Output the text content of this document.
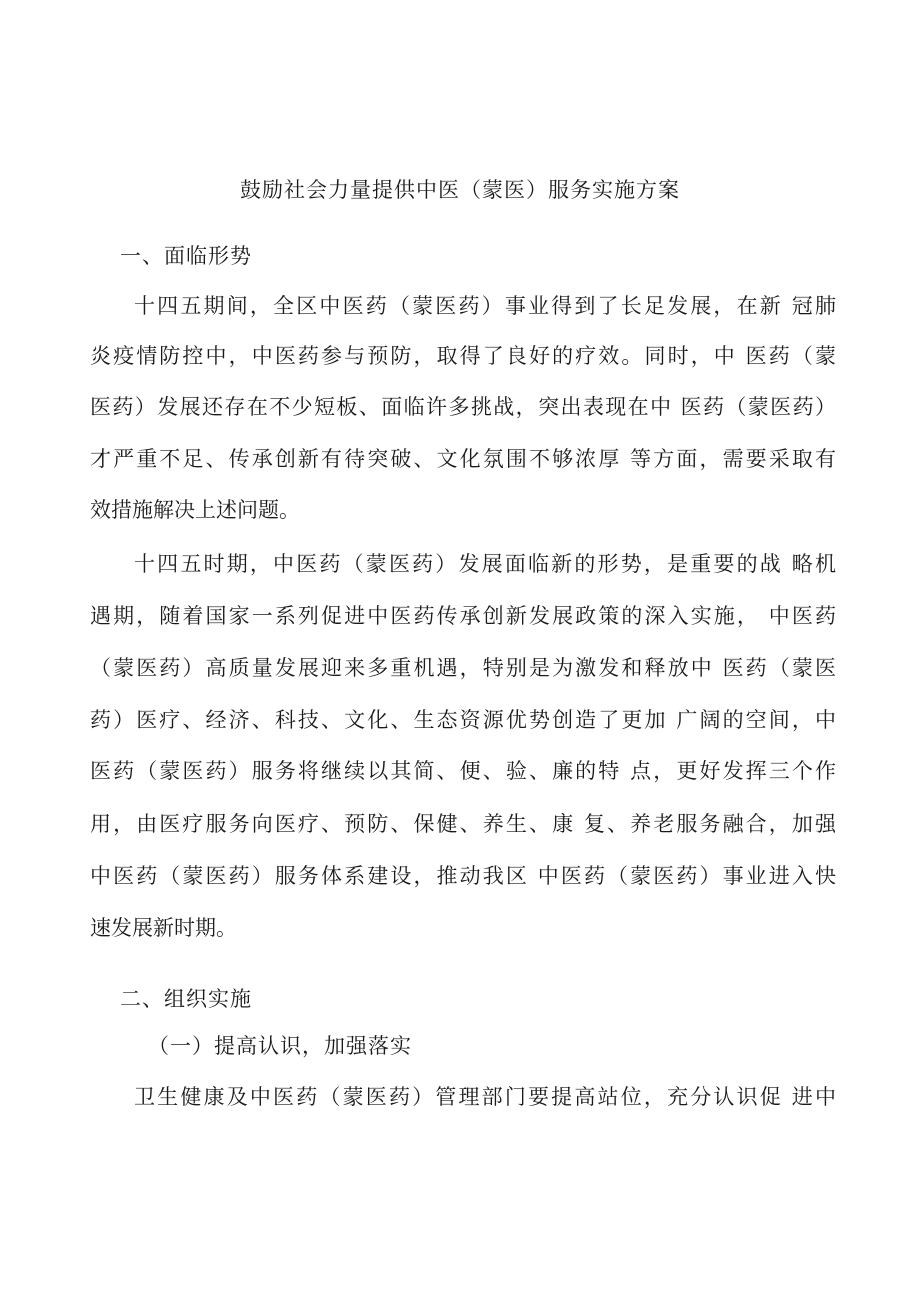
鼓励社会力量提供中医（蒙医）服务实施方案
一、面临形势
十四五期间，全区中医药（蒙医药）事业得到了长足发展，在新 冠肺
炎疫情防控中，中医药参与预防，取得了良好的疗效。同时，中 医药（蒙
医药）发展还存在不少短板、面临许多挑战，突出表现在中 医药（蒙医药）
才严重不足、传承创新有待突破、文化氛围不够浓厚 等方面，需要采取有
效措施解决上述问题。
十四五时期，中医药（蒙医药）发展面临新的形势，是重要的战 略机
遇期，随着国家一系列促进中医药传承创新发展政策的深入实施， 中医药
（蒙医药）高质量发展迎来多重机遇，特别是为激发和释放中 医药（蒙医
药）医疗、经济、科技、文化、生态资源优势创造了更加 广阔的空间，中
医药（蒙医药）服务将继续以其简、便、验、廉的特 点，更好发挥三个作
用，由医疗服务向医疗、预防、保健、养生、康 复、养老服务融合，加强
中医药（蒙医药）服务体系建设，推动我区 中医药（蒙医药）事业进入快
速发展新时期。
二、组织实施
（一）提高认识，加强落实
卫生健康及中医药（蒙医药）管理部门要提高站位，充分认识促 进中
